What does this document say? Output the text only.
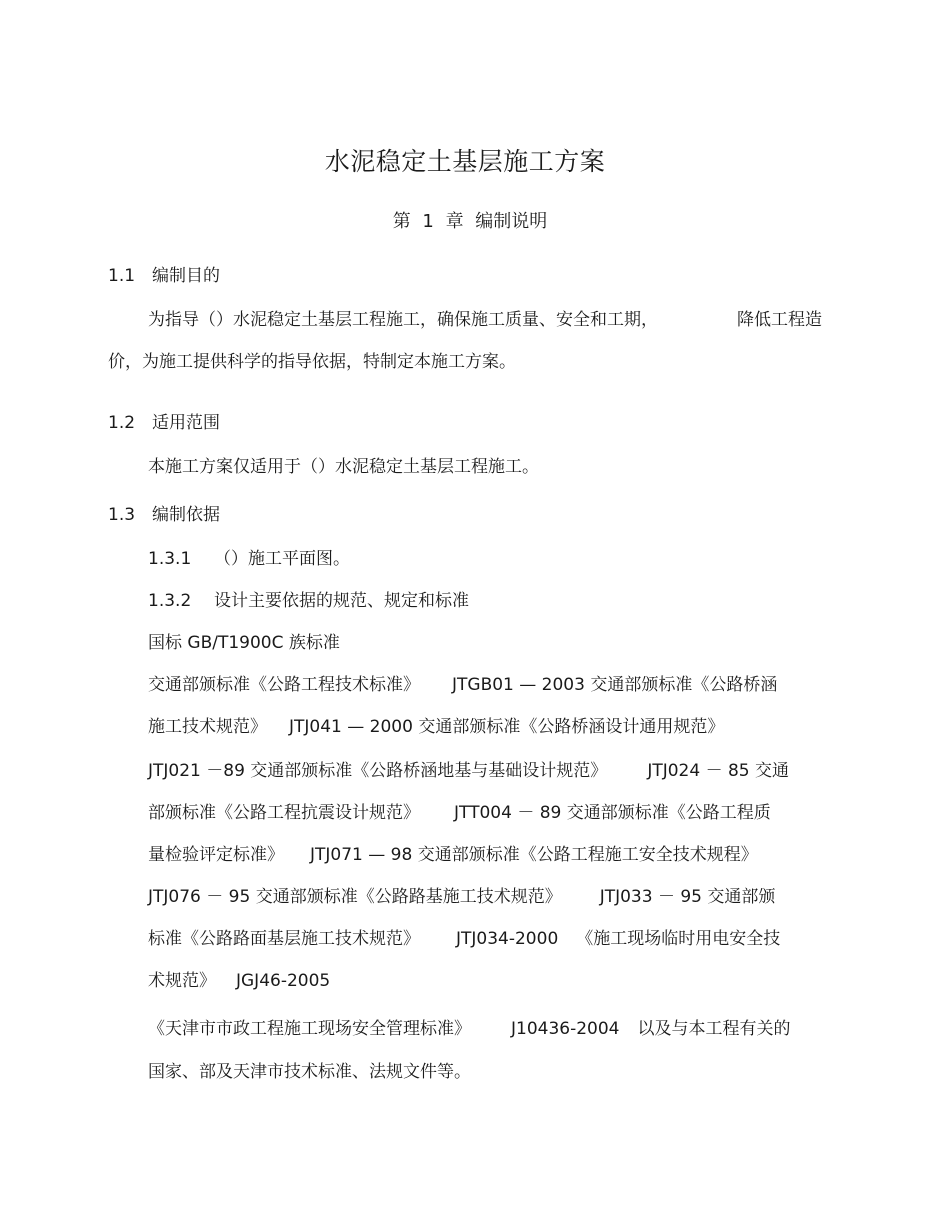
水泥稳定土基层施工方案
第 1 章 编制说明
1.1 编制目的
为指导（）水泥稳定土基层工程施工，确保施工质量、安全和工期，	降低工程造
价，为施工提供科学的指导依据，特制定本施工方案。
1.2 适用范围
本施工方案仅适用于（）水泥稳定土基层工程施工。
1.3 编制依据
1.3.1 （）施工平面图。
1.3.2 设计主要依据的规范、规定和标准
国标 GB/T1900C 族标准
交通部颁标准《公路工程技术标准》 JTGB01 — 2003 交通部颁标准《公路桥涵
施工技术规范》 JTJ041 — 2000 交通部颁标准《公路桥涵设计通用规范》
JTJ021 －89 交通部颁标准《公路桥涵地基与基础设计规范》 JTJ024 － 85 交通
部颁标准《公路工程抗震设计规范》 JTT004 － 89 交通部颁标准《公路工程质
量检验评定标准》 JTJ071 — 98 交通部颁标准《公路工程施工安全技术规程》
JTJ076 － 95 交通部颁标准《公路路基施工技术规范》 JTJ033 － 95 交通部颁
标准《公路路面基层施工技术规范》 JTJ034-2000 《施工现场临时用电安全技
术规范》 JGJ46-2005
《天津市市政工程施工现场安全管理标准》 J10436-2004 以及与本工程有关的
国家、部及天津市技术标准、法规文件等。
